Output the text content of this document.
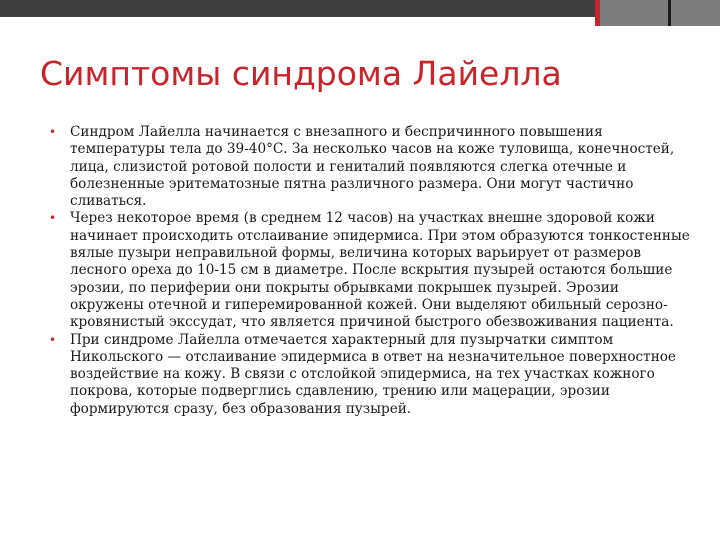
Симптомы синдрома Лайелла
• Синдром Лайелла начинается с внезапного и беспричинного повышения температуры тела до 39-40°С. За несколько часов на коже туловища, конечностей, лица, слизистой ротовой полости и гениталий появляются слегка отечные и болезненные эритематозные пятна различного размера. Они могут частично сливаться.
• Через некоторое время (в среднем 12 часов) на участках внешне здоровой кожи начинает происходить отслаивание эпидермиса. При этом образуются тонкостенные вялые пузыри неправильной формы, величина которых варьирует от размеров лесного ореха до 10-15 см в диаметре. После вскрытия пузырей остаются большие эрозии, по периферии они покрыты обрывками покрышек пузырей. Эрозии окружены отечной и гиперемированной кожей. Они выделяют обильный серозно-кровянистый экссудат, что является причиной быстрого обезвоживания пациента.
• При синдроме Лайелла отмечается характерный для пузырчатки симптом Никольского — отслаивание эпидермиса в ответ на незначительное поверхностное воздействие на кожу. В связи с отслойкой эпидермиса, на тех участках кожного покрова, которые подверглись сдавлению, трению или мацерации, эрозии формируются сразу, без образования пузырей.
